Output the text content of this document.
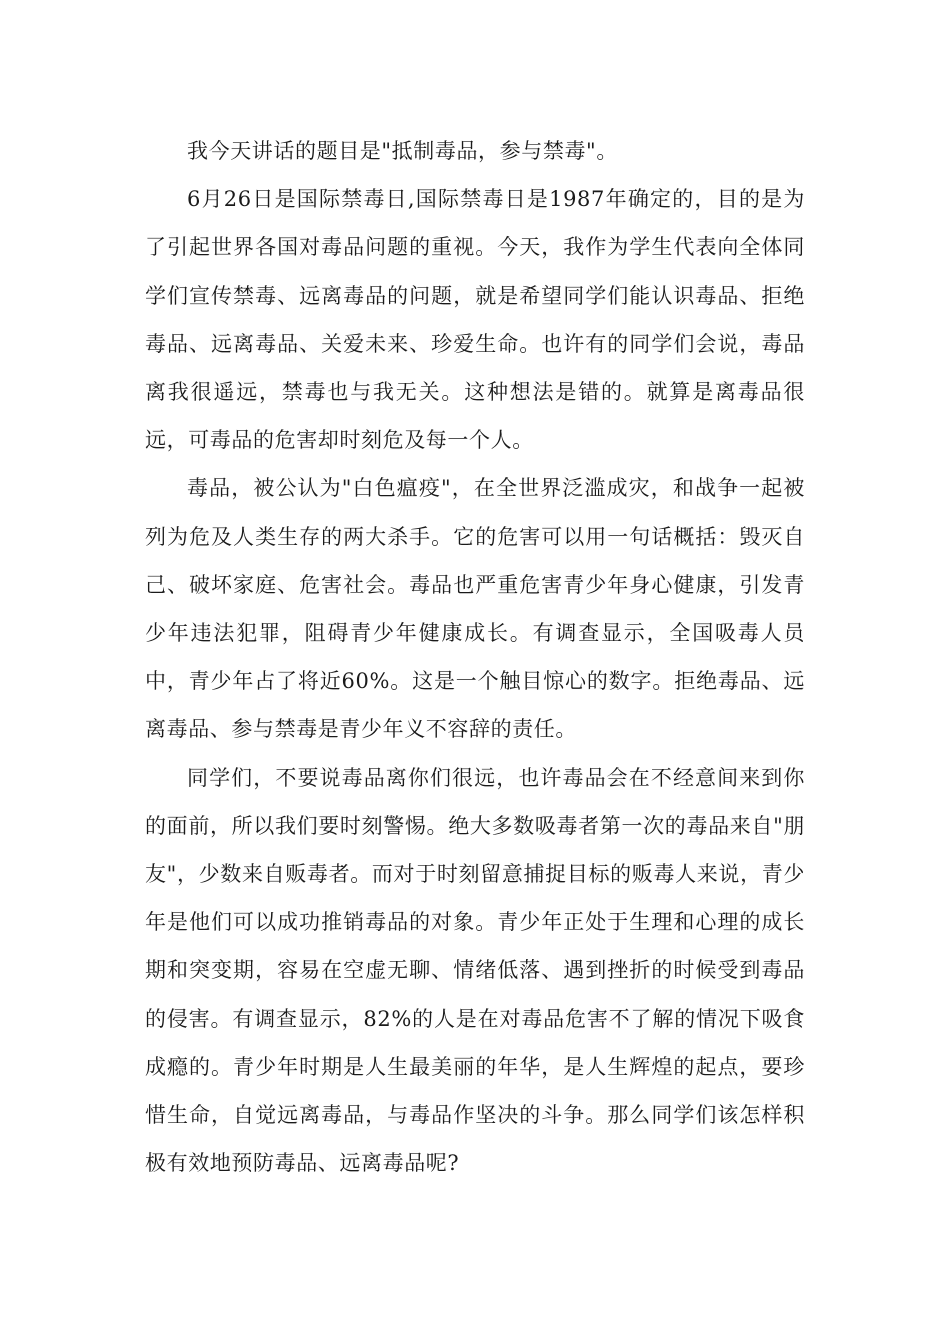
我今天讲话的题目是"抵制毒品，参与禁毒"。

6月26日是国际禁毒日,国际禁毒日是1987年确定的，目的是为了引起世界各国对毒品问题的重视。今天，我作为学生代表向全体同学们宣传禁毒、远离毒品的问题，就是希望同学们能认识毒品、拒绝毒品、远离毒品、关爱未来、珍爱生命。也许有的同学们会说，毒品离我很遥远，禁毒也与我无关。这种想法是错的。就算是离毒品很远，可毒品的危害却时刻危及每一个人。

毒品，被公认为"白色瘟疫"，在全世界泛滥成灾，和战争一起被列为危及人类生存的两大杀手。它的危害可以用一句话概括：毁灭自己、破坏家庭、危害社会。毒品也严重危害青少年身心健康，引发青少年违法犯罪，阻碍青少年健康成长。有调查显示，全国吸毒人员中，青少年占了将近60%。这是一个触目惊心的数字。拒绝毒品、远离毒品、参与禁毒是青少年义不容辞的责任。

同学们，不要说毒品离你们很远，也许毒品会在不经意间来到你的面前，所以我们要时刻警惕。绝大多数吸毒者第一次的毒品来自"朋友"，少数来自贩毒者。而对于时刻留意捕捉目标的贩毒人来说，青少年是他们可以成功推销毒品的对象。青少年正处于生理和心理的成长期和突变期，容易在空虚无聊、情绪低落、遇到挫折的时候受到毒品的侵害。有调查显示，82%的人是在对毒品危害不了解的情况下吸食成瘾的。青少年时期是人生最美丽的年华，是人生辉煌的起点，要珍惜生命，自觉远离毒品，与毒品作坚决的斗争。那么同学们该怎样积极有效地预防毒品、远离毒品呢?
